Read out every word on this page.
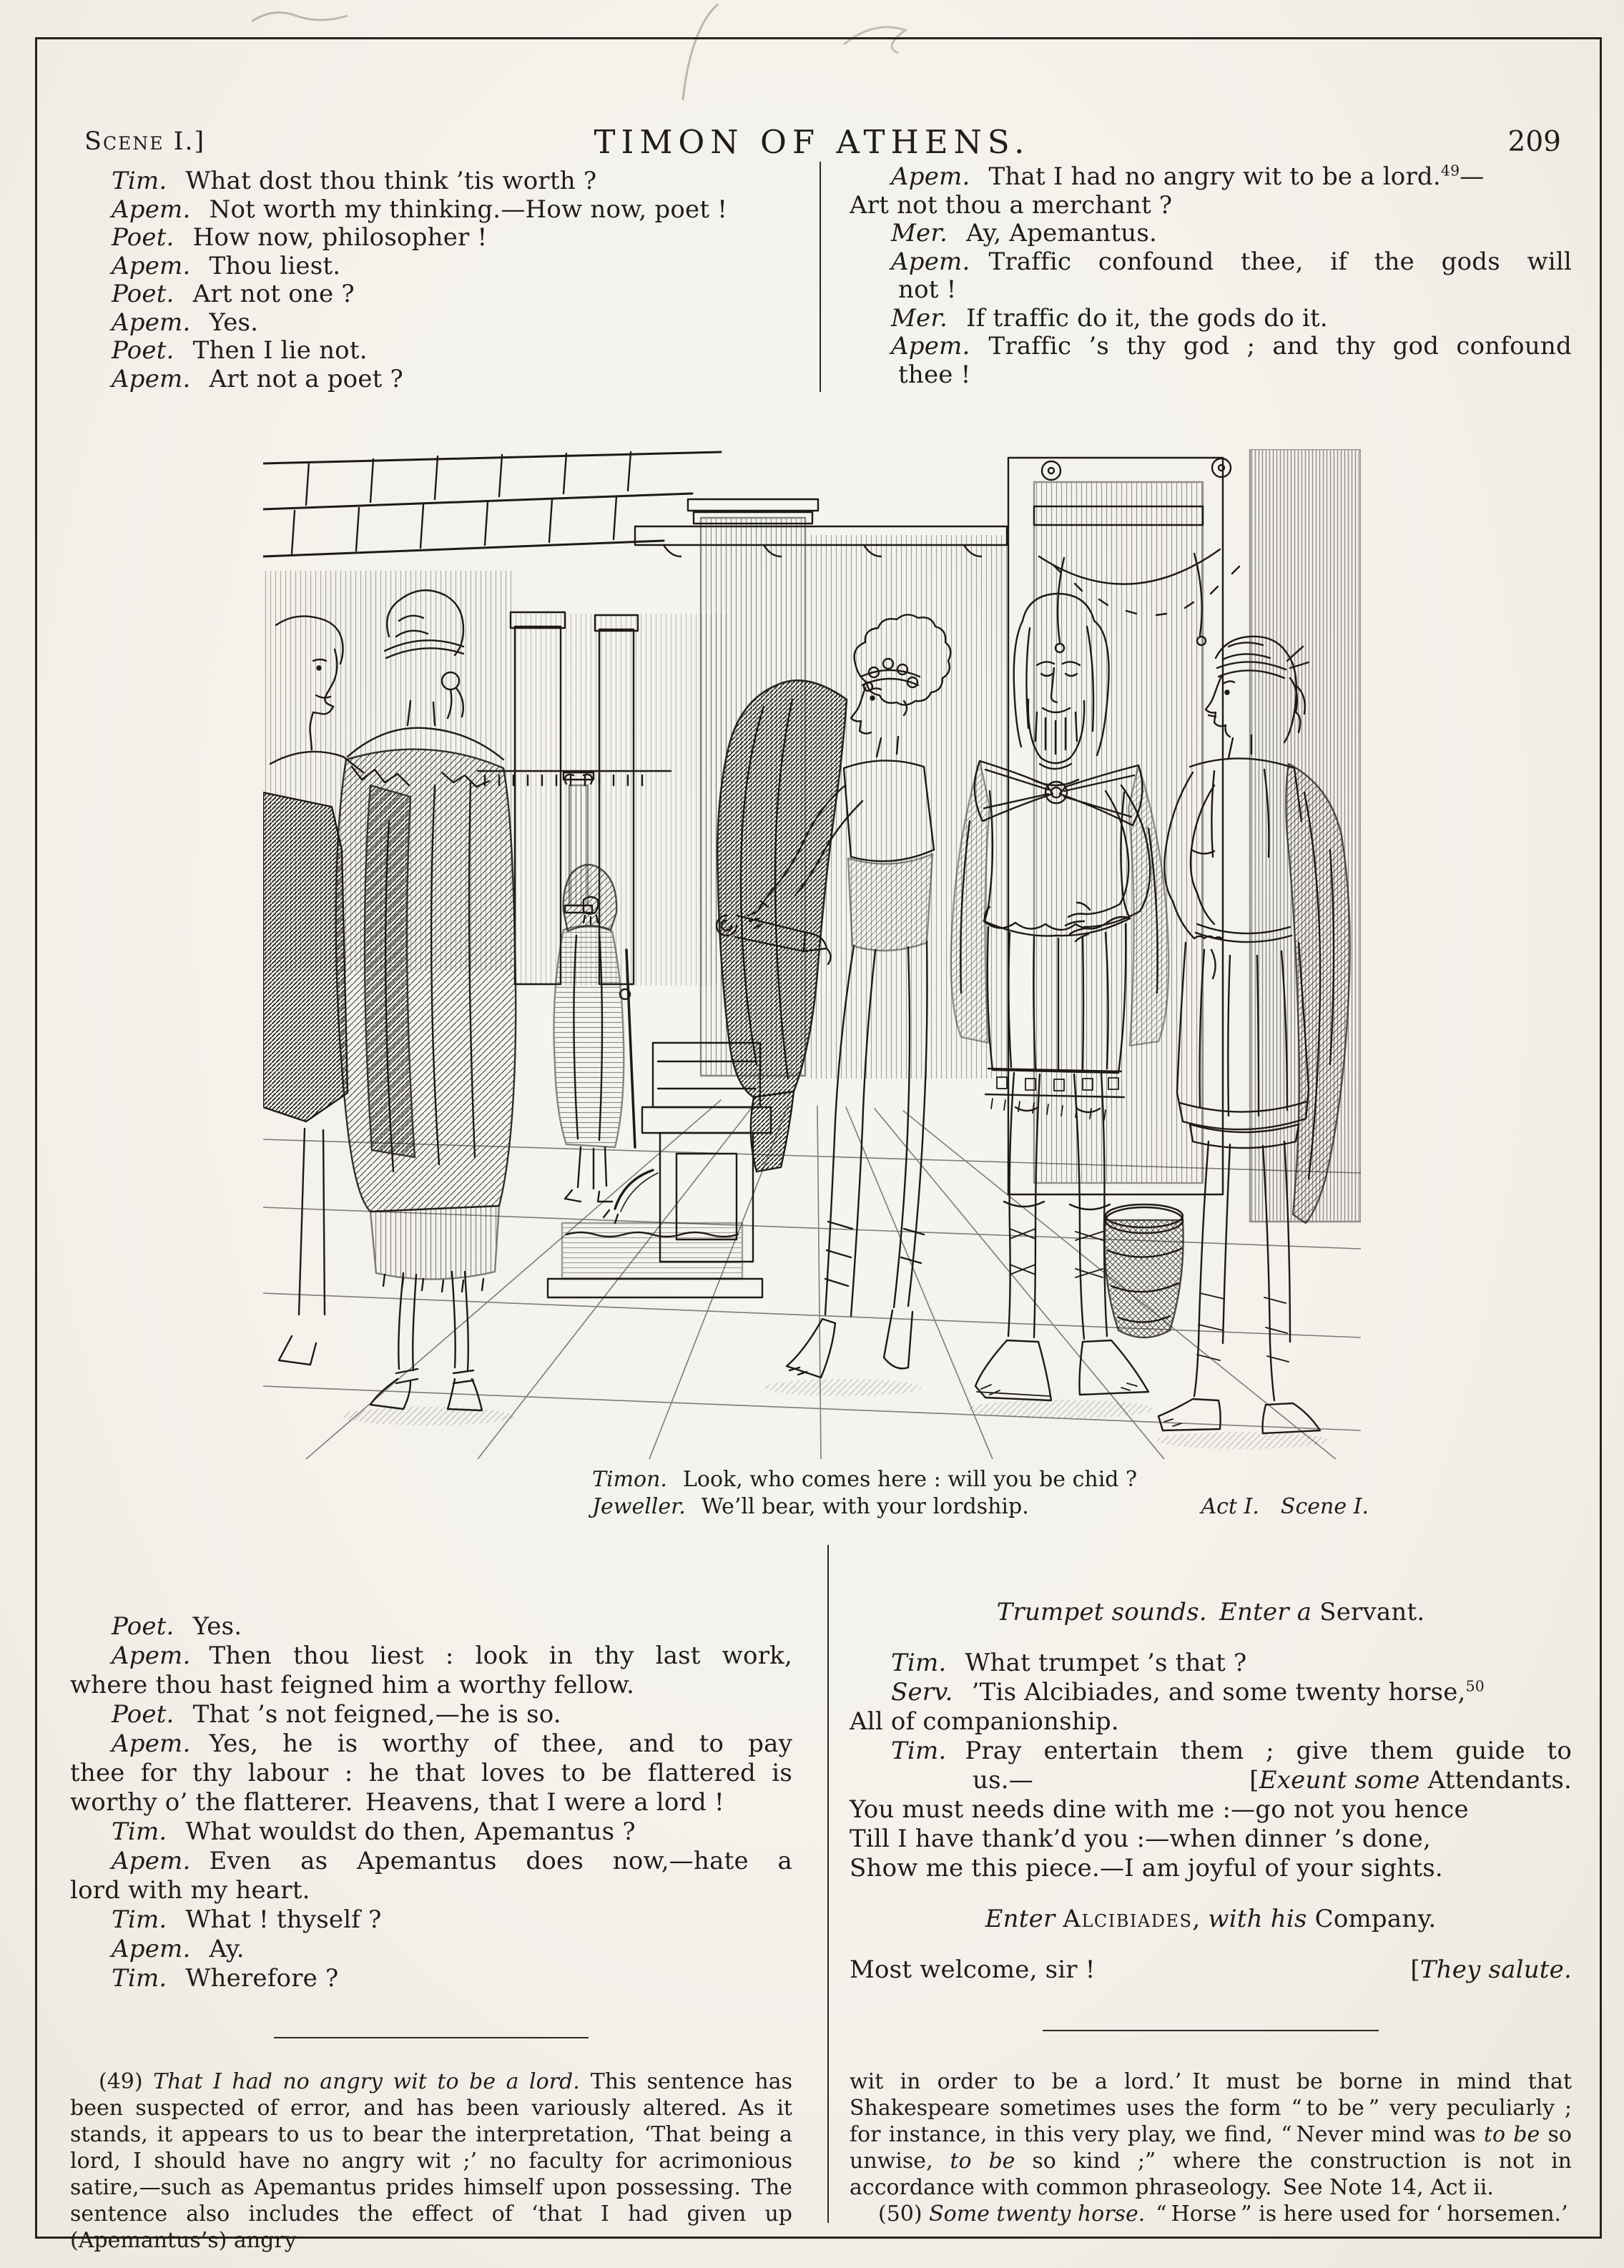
Scene I.]	TIMON OF ATHENS.	209

Tim. What dost thou think ’tis worth ?

Apem. Not worth my thinking.—How now, poet !

Poet. How now, philosopher !

Apem. Thou liest.

Poet. Art not one ?

Apem. Yes.

Poet. Then I lie not.

Apem. Art not a poet ?

Apem. That I had no angry wit to be a lord.$^{49}$—

Art not thou a merchant ?

Mer. Ay, Apemantus.

Apem. Traffic confound thee, if the gods will

not !

Mer. If traffic do it, the gods do it.

Apem. Traffic ’s thy god ; and thy god confound

thee !

Timon. Look, who comes here : will you be chid ?

Jeweller. We’ll bear, with your lordship.	Act I.  Scene I.

Poet. Yes.

Apem. Then thou liest : look in thy last work,

where thou hast feigned him a worthy fellow.

Poet. That ’s not feigned,—he is so.

Apem. Yes, he is worthy of thee, and to pay

thee for thy labour : he that loves to be flattered is

worthy o’ the flatterer. Heavens, that I were a lord !

Tim. What wouldst do then, Apemantus ?

Apem. Even as Apemantus does now,—hate a

lord with my heart.

Tim. What ! thyself ?

Apem. Ay.

Tim. Wherefore ?

Trumpet sounds.  Enter a Servant.

Tim. What trumpet ’s that ?

Serv. ’Tis Alcibiades, and some twenty horse,$^{50}$

All of companionship.

Tim. Pray entertain them ; give them guide to

us.—	[Exeunt some Attendants.

You must needs dine with me :—go not you hence

Till I have thank’d you :—when dinner ’s done,

Show me this piece.—I am joyful of your sights.

Enter Alcibiades, with his Company.

Most welcome, sir !	[They salute.

(49) That I had no angry wit to be a lord. This sentence has been suspected of error, and has been variously altered. As it stands, it appears to us to bear the interpretation, ‘That being a lord, I should have no angry wit ;’ no faculty for acrimonious satire,—such as Apemantus prides himself upon possessing. The sentence also includes the effect of ‘that I had given up (Apemantus’s) angry

wit in order to be a lord.’ It must be borne in mind that Shakespeare sometimes uses the form “ to be ” very peculiarly ; for instance, in this very play, we find, “ Never mind was to be so unwise, to be so kind ;” where the construction is not in accordance with common phraseology. See Note 14, Act ii.

(50) Some twenty horse. “ Horse ” is here used for ‘ horsemen.’
